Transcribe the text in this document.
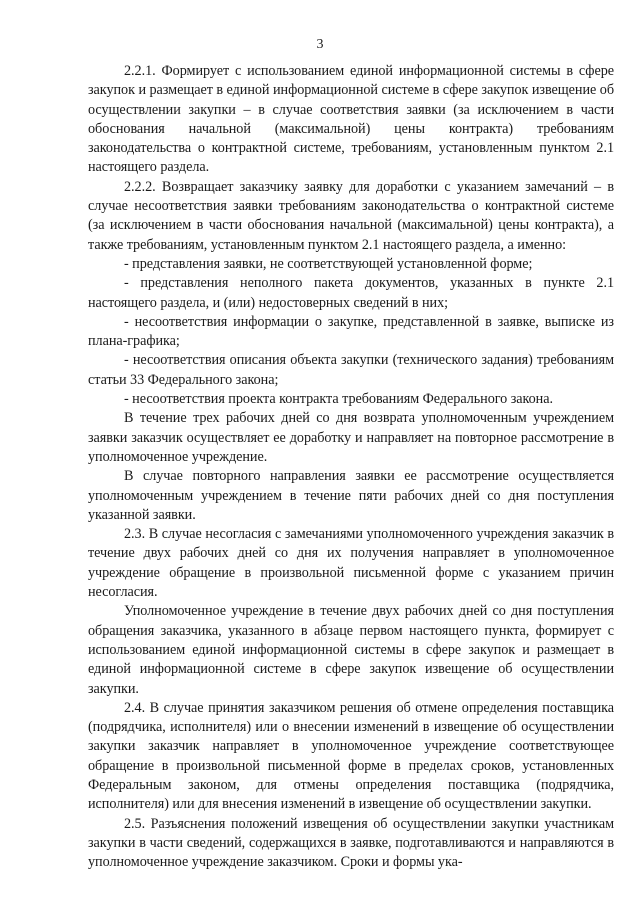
3

2.2.1. Формирует с использованием единой информационной системы в сфере закупок и размещает в единой информационной системе в сфере закупок извещение об осуществлении закупки – в случае соответствия заявки (за исключением в части обоснования начальной (максимальной) цены контракта) требованиям законодательства о контрактной системе, требованиям, установленным пунктом 2.1 настоящего раздела.

2.2.2. Возвращает заказчику заявку для доработки с указанием замечаний – в случае несоответствия заявки требованиям законодательства о контрактной системе (за исключением в части обоснования начальной (максимальной) цены контракта), а также требованиям, установленным пунктом 2.1 настоящего раздела, а именно:

- представления заявки, не соответствующей установленной форме;

- представления неполного пакета документов, указанных в пункте 2.1 настоящего раздела, и (или) недостоверных сведений в них;

- несоответствия информации о закупке, представленной в заявке, выписке из плана-графика;

- несоответствия описания объекта закупки (технического задания) требованиям статьи 33 Федерального закона;

- несоответствия проекта контракта требованиям Федерального закона.

В течение трех рабочих дней со дня возврата уполномоченным учреждением заявки заказчик осуществляет ее доработку и направляет на повторное рассмотрение в уполномоченное учреждение.

В случае повторного направления заявки ее рассмотрение осуществляется уполномоченным учреждением в течение пяти рабочих дней со дня поступления указанной заявки.

2.3. В случае несогласия с замечаниями уполномоченного учреждения заказчик в течение двух рабочих дней со дня их получения направляет в уполномоченное учреждение обращение в произвольной письменной форме с указанием причин несогласия.

Уполномоченное учреждение в течение двух рабочих дней со дня поступления обращения заказчика, указанного в абзаце первом настоящего пункта, формирует с использованием единой информационной системы в сфере закупок и размещает в единой информационной системе в сфере закупок извещение об осуществлении закупки.

2.4. В случае принятия заказчиком решения об отмене определения поставщика (подрядчика, исполнителя) или о внесении изменений в извещение об осуществлении закупки заказчик направляет в уполномоченное учреждение соответствующее обращение в произвольной письменной форме в пределах сроков, установленных Федеральным законом, для отмены определения поставщика (подрядчика, исполнителя) или для внесения изменений в извещение об осуществлении закупки.

2.5. Разъяснения положений извещения об осуществлении закупки участникам закупки в части сведений, содержащихся в заявке, подготавливаются и направляются в уполномоченное учреждение заказчиком. Сроки и формы ука-
